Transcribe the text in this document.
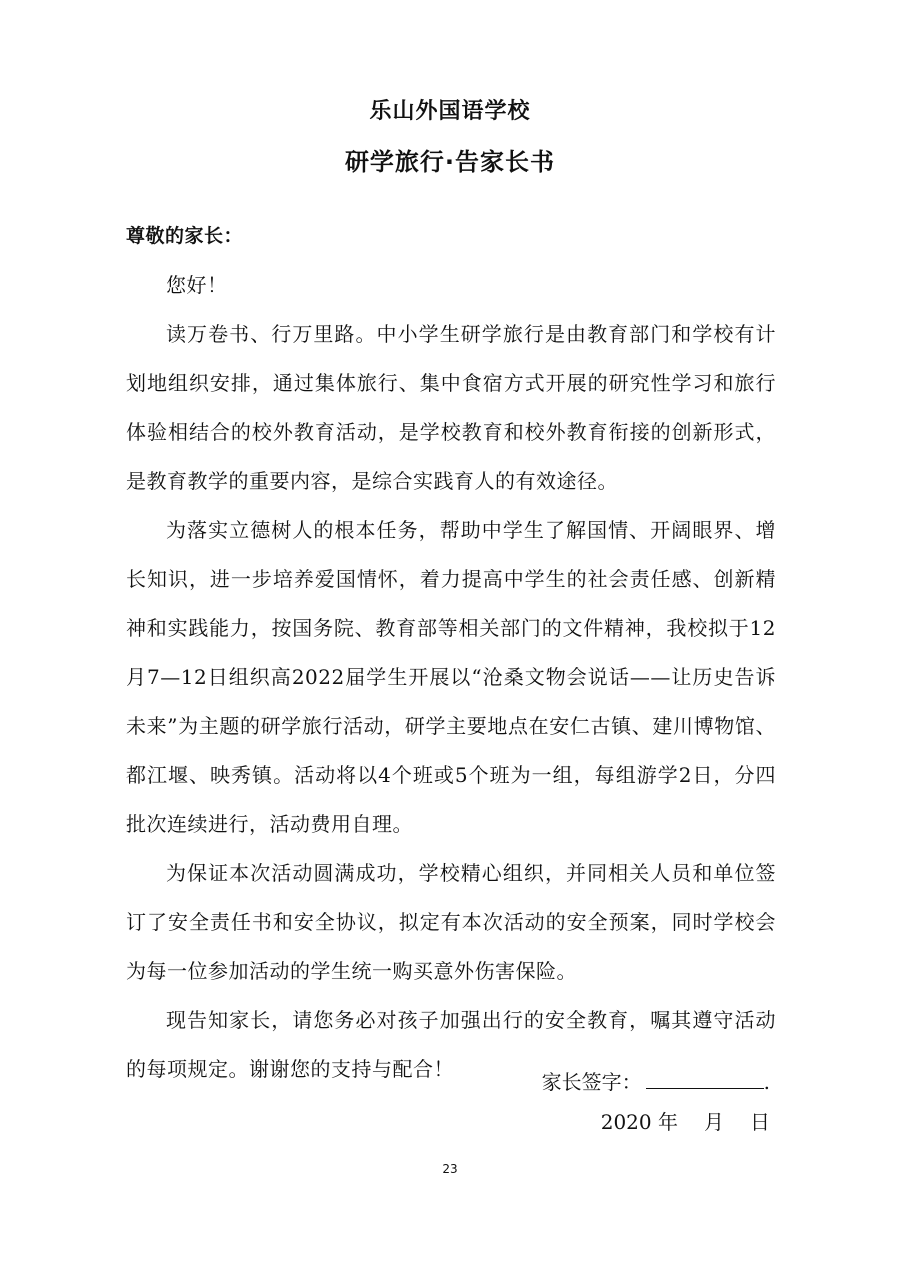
乐山外国语学校
研学旅行·告家长书

尊敬的家长：

您好！

读万卷书、行万里路。中小学生研学旅行是由教育部门和学校有计划地组织安排，通过集体旅行、集中食宿方式开展的研究性学习和旅行体验相结合的校外教育活动，是学校教育和校外教育衔接的创新形式，是教育教学的重要内容，是综合实践育人的有效途径。

为落实立德树人的根本任务，帮助中学生了解国情、开阔眼界、增长知识，进一步培养爱国情怀，着力提高中学生的社会责任感、创新精神和实践能力，按国务院、教育部等相关部门的文件精神，我校拟于12月7—12日组织高2022届学生开展以“沧桑文物会说话——让历史告诉未来”为主题的研学旅行活动，研学主要地点在安仁古镇、建川博物馆、都江堰、映秀镇。活动将以4个班或5个班为一组，每组游学2日，分四批次连续进行，活动费用自理。

为保证本次活动圆满成功，学校精心组织，并同相关人员和单位签订了安全责任书和安全协议，拟定有本次活动的安全预案，同时学校会为每一位参加活动的学生统一购买意外伤害保险。

现告知家长，请您务必对孩子加强出行的安全教育，嘱其遵守活动的每项规定。谢谢您的支持与配合！

家长签字：	.
2020 年 月 日
23
